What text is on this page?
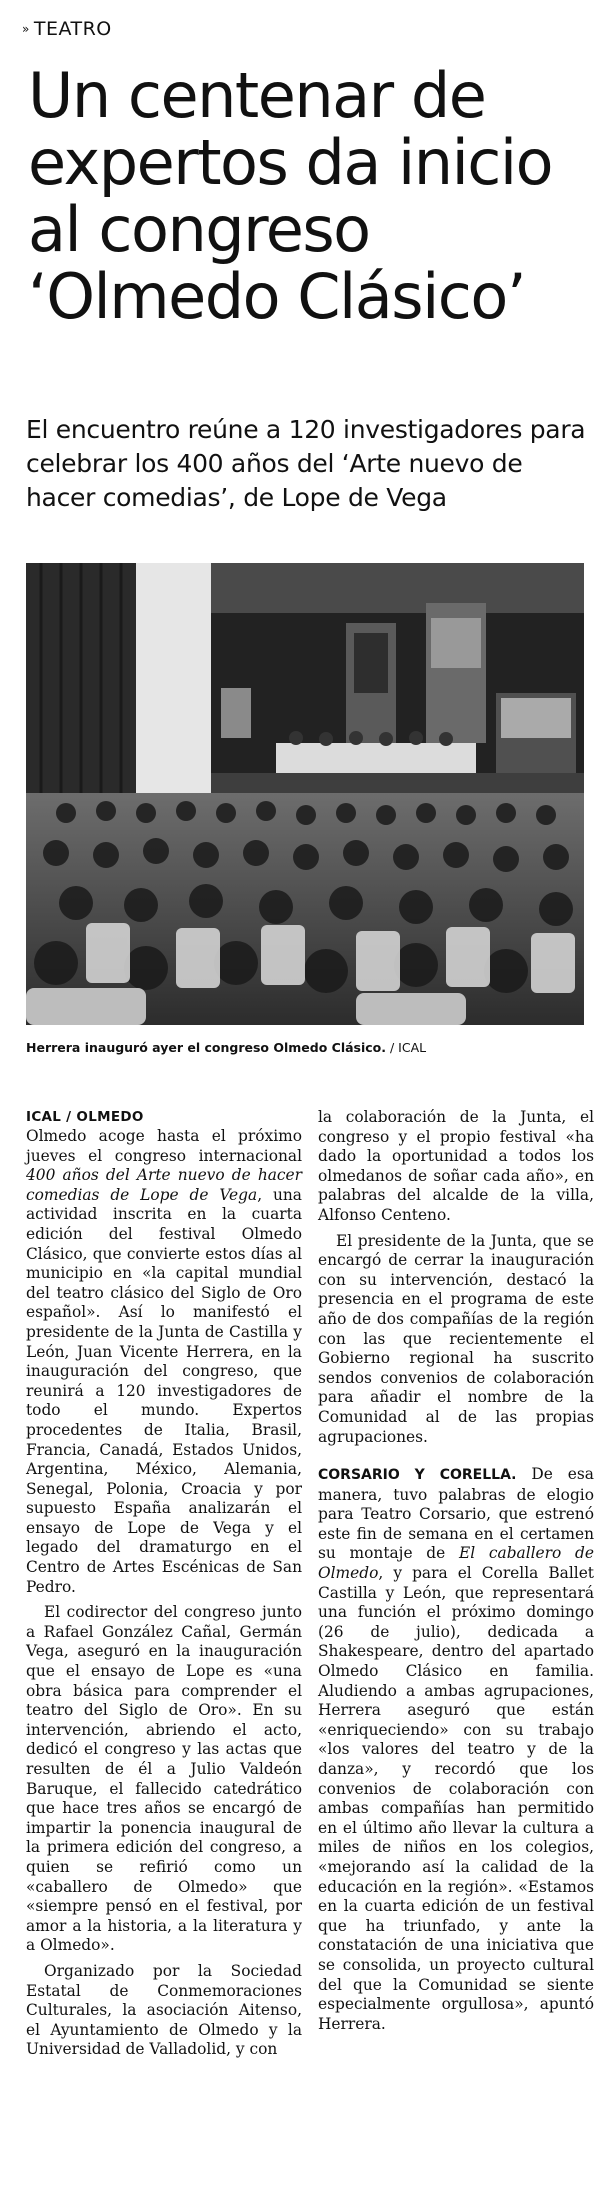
» TEATRO
Un centenar de expertos da inicio al congreso ‘Olmedo Clásico’

El encuentro reúne a 120 investigadores para celebrar los 400 años del ‘Arte nuevo de hacer comedias’, de Lope de Vega

Herrera inauguró ayer el congreso Olmedo Clásico. / ICAL

ICAL / OLMEDO

Olmedo acoge hasta el próximo jueves el congreso internacional 400 años del Arte nuevo de hacer comedias de Lope de Vega, una actividad inscrita en la cuarta edición del festival Olmedo Clásico, que convierte estos días al municipio en «la capital mundial del teatro clásico del Siglo de Oro español». Así lo manifestó el presidente de la Junta de Castilla y León, Juan Vicente Herrera, en la inauguración del congreso, que reunirá a 120 investigadores de todo el mundo. Expertos procedentes de Italia, Brasil, Francia, Canadá, Estados Unidos, Argentina, México, Alemania, Senegal, Polonia, Croacia y por supuesto España analizarán el ensayo de Lope de Vega y el legado del dramaturgo en el Centro de Artes Escénicas de San Pedro.

El codirector del congreso junto a Rafael González Cañal, Germán Vega, aseguró en la inauguración que el ensayo de Lope es «una obra básica para comprender el teatro del Siglo de Oro». En su intervención, abriendo el acto, dedicó el congreso y las actas que resulten de él a Julio Valdeón Baruque, el fallecido catedrático que hace tres años se encargó de impartir la ponencia inaugural de la primera edición del congreso, a quien se refirió como un «caballero de Olmedo» que «siempre pensó en el festival, por amor a la historia, a la literatura y a Olmedo».

Organizado por la Sociedad Estatal de Conmemoraciones Culturales, la asociación Aitenso, el Ayuntamiento de Olmedo y la Universidad de Valladolid, y con

la colaboración de la Junta, el congreso y el propio festival «ha dado la oportunidad a todos los olmedanos de soñar cada año», en palabras del alcalde de la villa, Alfonso Centeno.

El presidente de la Junta, que se encargó de cerrar la inauguración con su intervención, destacó la presencia en el programa de este año de dos compañías de la región con las que recientemente el Gobierno regional ha suscrito sendos convenios de colaboración para añadir el nombre de la Comunidad al de las propias agrupaciones.

CORSARIO Y CORELLA. De esa manera, tuvo palabras de elogio para Teatro Corsario, que estrenó este fin de semana en el certamen su montaje de El caballero de Olmedo, y para el Corella Ballet Castilla y León, que representará una función el próximo domingo (26 de julio), dedicada a Shakespeare, dentro del apartado Olmedo Clásico en familia. Aludiendo a ambas agrupaciones, Herrera aseguró que están «enriqueciendo» con su trabajo «los valores del teatro y de la danza», y recordó que los convenios de colaboración con ambas compañías han permitido en el último año llevar la cultura a miles de niños en los colegios, «mejorando así la calidad de la educación en la región». «Estamos en la cuarta edición de un festival que ha triunfado, y ante la constatación de una iniciativa que se consolida, un proyecto cultural del que la Comunidad se siente especialmente orgullosa», apuntó Herrera.
